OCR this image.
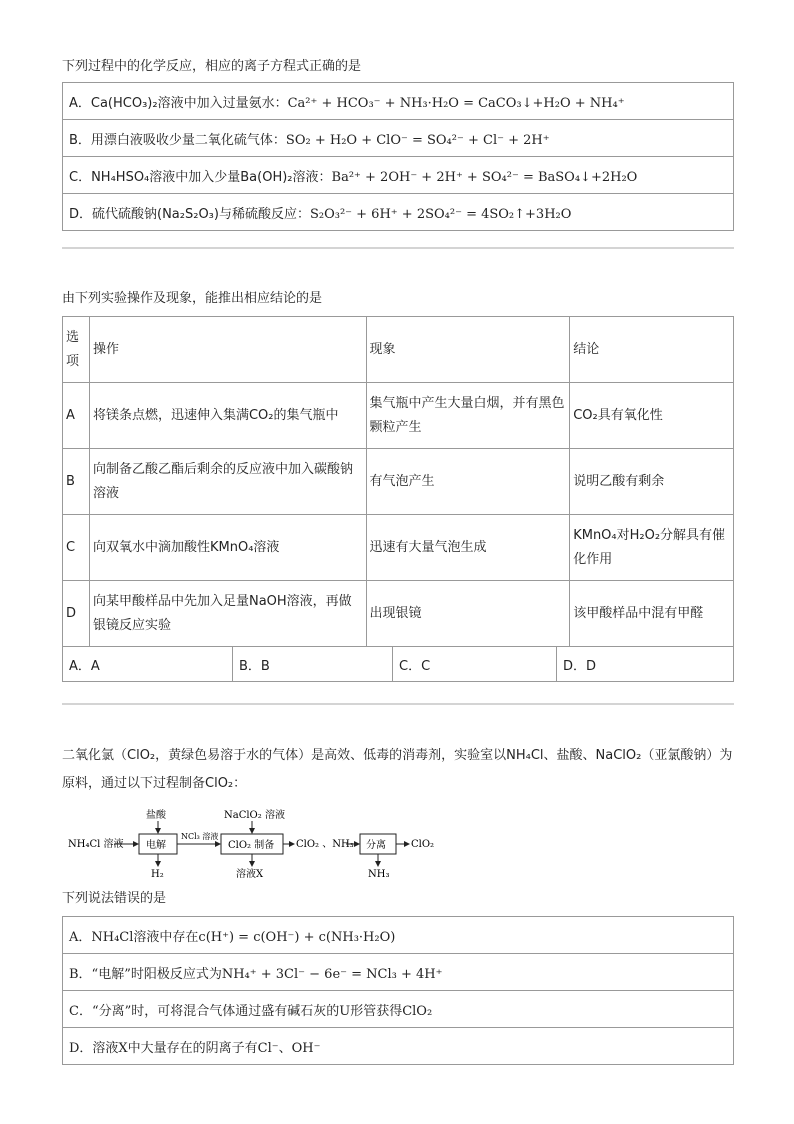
下列过程中的化学反应，相应的离子方程式正确的是
A．Ca(HCO₃)₂溶液中加入过量氨水：Ca²⁺ + HCO₃⁻ + NH₃·H₂O = CaCO₃↓+H₂O + NH₄⁺
B．用漂白液吸收少量二氧化硫气体：SO₂ + H₂O + ClO⁻ = SO₄²⁻ + Cl⁻ + 2H⁺
C．NH₄HSO₄溶液中加入少量Ba(OH)₂溶液：Ba²⁺ + 2OH⁻ + 2H⁺ + SO₄²⁻ = BaSO₄↓+2H₂O
D．硫代硫酸钠(Na₂S₂O₃)与稀硫酸反应：S₂O₃²⁻ + 6H⁺ + 2SO₄²⁻ = 4SO₂↑+3H₂O
由下列实验操作及现象，能推出相应结论的是
选项	操作	现象	结论
A	将镁条点燃，迅速伸入集满CO₂的集气瓶中	集气瓶中产生大量白烟，并有黑色颗粒产生	CO₂具有氧化性
B	向制备乙酸乙酯后剩余的反应液中加入碳酸钠溶液	有气泡产生	说明乙酸有剩余
C	向双氧水中滴加酸性KMnO₄溶液	迅速有大量气泡生成	KMnO₄对H₂O₂分解具有催化作用
D	向某甲酸样品中先加入足量NaOH溶液，再做银镜反应实验	出现银镜	该甲酸样品中混有甲醛
A．A	B．B	C．C	D．D
二氧化氯（ClO₂，黄绿色易溶于水的气体）是高效、低毒的消毒剂，实验室以NH₄Cl、盐酸、NaClO₂（亚氯酸钠）为原料，通过以下过程制备ClO₂：
NH₄Cl 溶液 电解
盐酸
H₂
NCl₃ 溶液
ClO₂ 制备
NaClO₂ 溶液
溶液X
ClO₂ 、NH₃ 分离
NH₃
ClO₂
下列说法错误的是
A．NH₄Cl溶液中存在c(H⁺) = c(OH⁻) + c(NH₃·H₂O)
B．“电解”时阳极反应式为NH₄⁺ + 3Cl⁻ − 6e⁻ = NCl₃ + 4H⁺
C．“分离”时，可将混合气体通过盛有碱石灰的U形管获得ClO₂
D．溶液X中大量存在的阴离子有Cl⁻、OH⁻
